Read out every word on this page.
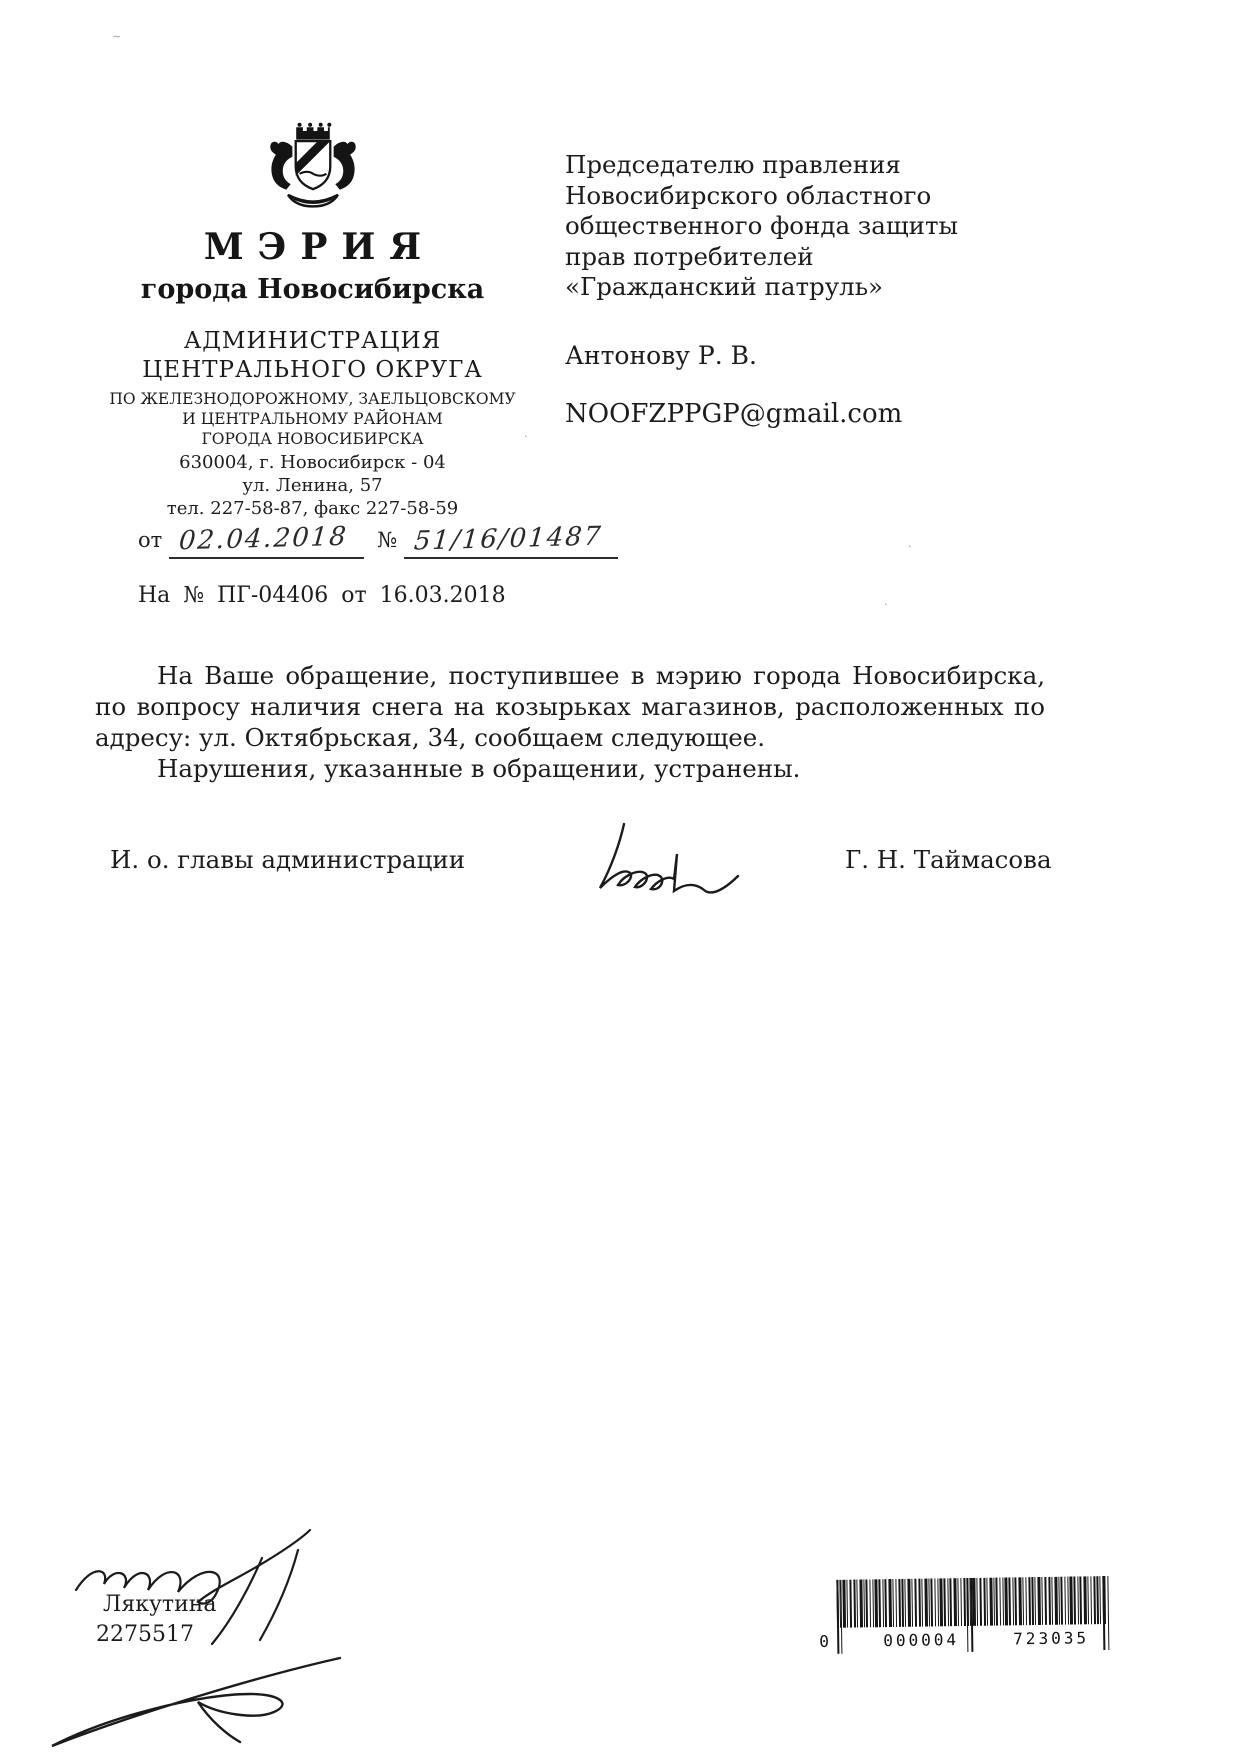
МЭРИЯ
города Новосибирска
АДМИНИСТРАЦИЯ
ЦЕНТРАЛЬНОГО ОКРУГА
ПО ЖЕЛЕЗНОДОРОЖНОМУ, ЗАЕЛЬЦОВСКОМУ
И ЦЕНТРАЛЬНОМУ РАЙОНАМ
ГОРОДА НОВОСИБИРСКА
630004, г. Новосибирск - 04
ул. Ленина, 57
тел. 227-58-87, факс 227-58-59
от 02.04.2018 № 51/16/01487
На № ПГ-04406 от 16.03.2018
Председателю правления
Новосибирского областного
общественного фонда защиты
прав потребителей
«Гражданский патруль»
Антонову Р. В.
NOOFZPPGP@gmail.com

На Ваше обращение, поступившее в мэрию города Новосибирска, по вопросу наличия снега на козырьках магазинов, расположенных по адресу: ул. Октябрьская, 34, сообщаем следующее.

Нарушения, указанные в обращении, устранены.

И. о. главы администрации	Г. Н. Таймасова
Лякутина
2275517	0	000004	723035
∼
·
·
·
